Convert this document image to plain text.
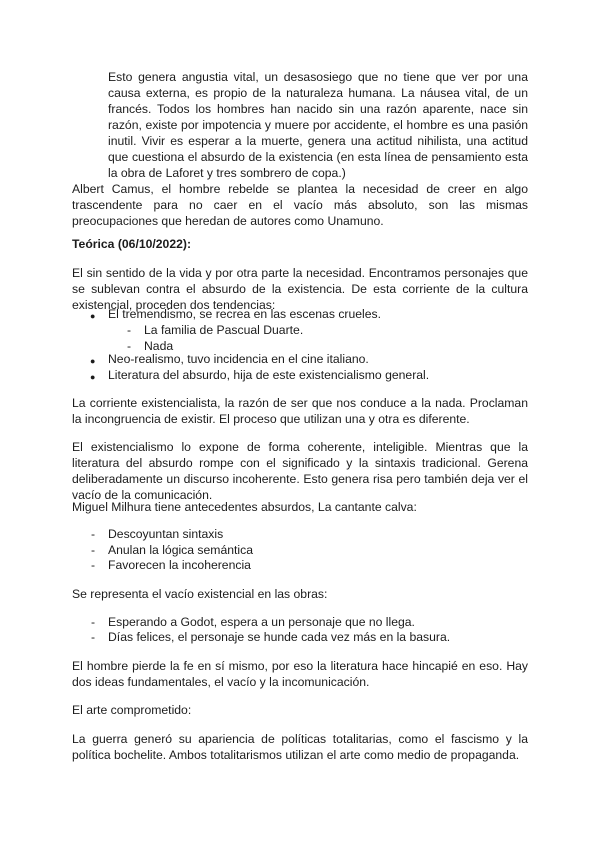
Esto genera angustia vital, un desasosiego que no tiene que ver por una causa externa, es propio de la naturaleza humana. La náusea vital, de un francés. Todos los hombres han nacido sin una razón aparente, nace sin razón, existe por impotencia y muere por accidente, el hombre es una pasión inutil. Vivir es esperar a la muerte, genera una actitud nihilista, una actitud que cuestiona el absurdo de la existencia (en esta línea de pensamiento esta la obra de Laforet y tres sombrero de copa.)

Albert Camus, el hombre rebelde se plantea la necesidad de creer en algo trascendente para no caer en el vacío más absoluto, son las mismas preocupaciones que heredan de autores como Unamuno.

Teórica (06/10/2022):

El sin sentido de la vida y por otra parte la necesidad. Encontramos personajes que se sublevan contra el absurdo de la existencia. De esta corriente de la cultura existencial, proceden dos tendencias:

● El tremendismo, se recrea en las escenas crueles.
- La familia de Pascual Duarte.
- Nada
● Neo-realismo, tuvo incidencia en el cine italiano.
● Literatura del absurdo, hija de este existencialismo general.

La corriente existencialista, la razón de ser que nos conduce a la nada. Proclaman la incongruencia de existir. El proceso que utilizan una y otra es diferente.

El existencialismo lo expone de forma coherente, inteligible. Mientras que la literatura del absurdo rompe con el significado y la sintaxis tradicional. Gerena deliberadamente un discurso incoherente. Esto genera risa pero también deja ver el vacío de la comunicación.

Miguel Milhura tiene antecedentes absurdos, La cantante calva:

- Descoyuntan sintaxis
- Anulan la lógica semántica
- Favorecen la incoherencia

Se representa el vacío existencial en las obras:

- Esperando a Godot, espera a un personaje que no llega.
- Días felices, el personaje se hunde cada vez más en la basura.

El hombre pierde la fe en sí mismo, por eso la literatura hace hincapié en eso. Hay dos ideas fundamentales, el vacío y la incomunicación.

El arte comprometido:

La guerra generó su apariencia de políticas totalitarias, como el fascismo y la política bochelite. Ambos totalitarismos utilizan el arte como medio de propaganda.
